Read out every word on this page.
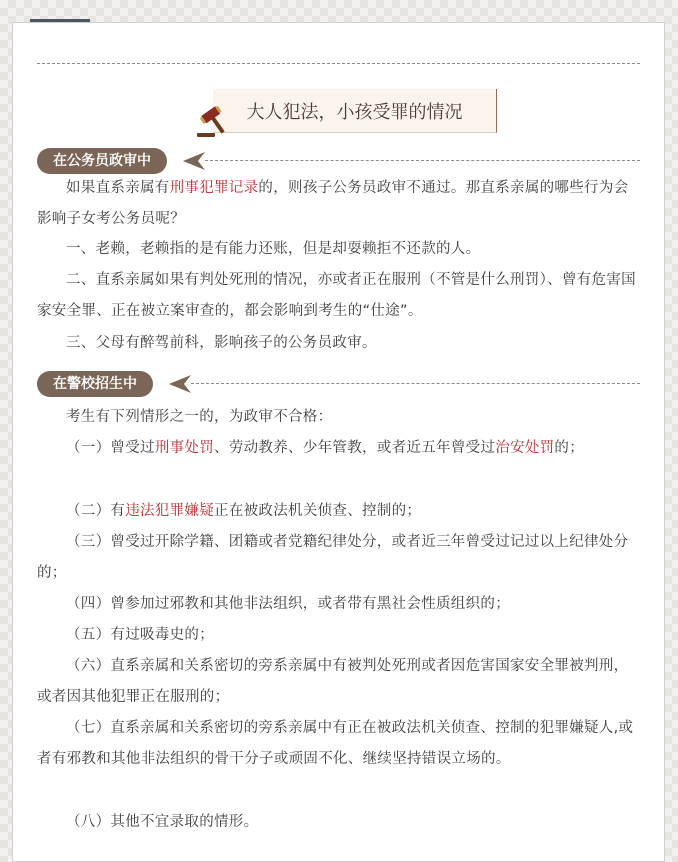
大人犯法，小孩受罪的情况
在公务员政审中

如果直系亲属有刑事犯罪记录的，则孩子公务员政审不通过。那直系亲属的哪些行为会影响子女考公务员呢？

一、老赖，老赖指的是有能力还账，但是却耍赖拒不还款的人。

二、直系亲属如果有判处死刑的情况，亦或者正在服刑（不管是什么刑罚）、曾有危害国家安全罪、正在被立案审查的，都会影响到考生的“仕途”。

三、父母有醉驾前科，影响孩子的公务员政审。

在警校招生中

考生有下列情形之一的，为政审不合格：

（一）曾受过刑事处罚、劳动教养、少年管教，或者近五年曾受过治安处罚的；

（二）有违法犯罪嫌疑正在被政法机关侦查、控制的；

（三）曾受过开除学籍、团籍或者党籍纪律处分，或者近三年曾受过记过以上纪律处分的；

（四）曾参加过邪教和其他非法组织，或者带有黑社会性质组织的；

（五）有过吸毒史的；

（六）直系亲属和关系密切的旁系亲属中有被判处死刑或者因危害国家安全罪被判刑，或者因其他犯罪正在服刑的；

（七）直系亲属和关系密切的旁系亲属中有正在被政法机关侦查、控制的犯罪嫌疑人,或者有邪教和其他非法组织的骨干分子或顽固不化、继续坚持错误立场的。

（八）其他不宜录取的情形。
